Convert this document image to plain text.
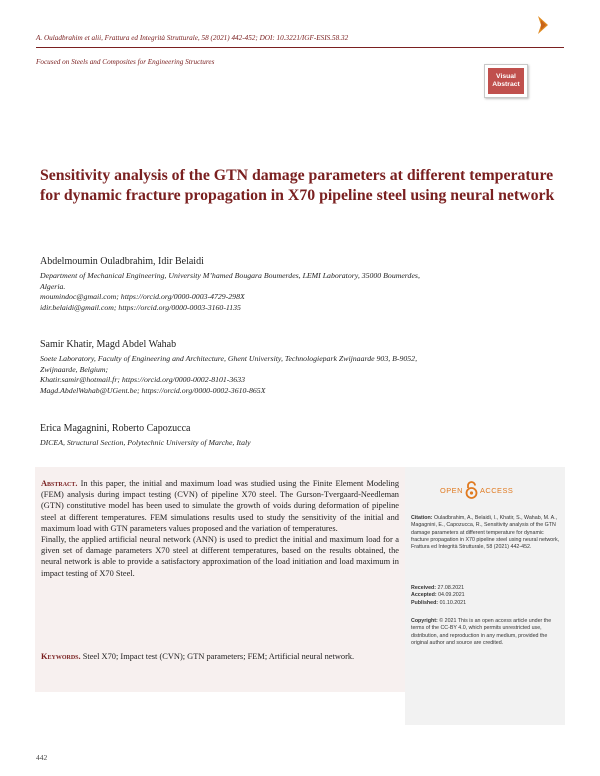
A. Ouladbrahim et alii, Frattura ed Integrità Strutturale, 58 (2021) 442-452; DOI: 10.3221/IGF-ESIS.58.32
Focused on Steels and Composites for Engineering Structures
Visual
Abstract
Sensitivity analysis of the GTN damage parameters at different temperature for dynamic fracture propagation in X70 pipeline steel using neural network
Abdelmoumin Ouladbrahim, Idir Belaidi
Department of Mechanical Engineering, University M’hamed Bougara Boumerdes, LEMI Laboratory, 35000 Boumerdes,
Algeria.
moumindoc@gmail.com; https://orcid.org/0000-0003-4729-298X
idir.belaidi@gmail.com; https://orcid.org/0000-0003-3160-1135
Samir Khatir, Magd Abdel Wahab
Soete Laboratory, Faculty of Engineering and Architecture, Ghent University, Technologiepark Zwijnaarde 903, B-9052,
Zwijnaarde, Belgium;
Khatir.samir@hotmail.fr; https://orcid.org/0000-0002-8101-3633
Magd.AbdelWahab@UGent.be; https://orcid.org/0000-0002-3610-865X
Erica Magagnini, Roberto Capozucca
DICEA, Structural Section, Polytechnic University of Marche, Italy

Abstract. In this paper, the initial and maximum load was studied using the Finite Element Modeling (FEM) analysis during impact testing (CVN) of pipeline X70 steel. The Gurson-Tvergaard-Needleman (GTN) constitutive model has been used to simulate the growth of voids during deformation of pipeline steel at different temperatures. FEM simulations results used to study the sensitivity of the initial and maximum load with GTN parameters values proposed and the variation of temperatures.

Finally, the applied artificial neural network (ANN) is used to predict the initial and maximum load for a given set of damage parameters X70 steel at different temperatures, based on the results obtained, the neural network is able to provide a satisfactory approximation of the load initiation and load maximum in impact testing of X70 Steel.

Keywords. Steel X70; Impact test (CVN); GTN parameters; FEM; Artificial neural network.
OPEN ACCESS
Citation: Ouladbrahim, A., Belaidi, I., Khatir, S., Wahab, M. A., Magagnini, E., Capozucca, R., Sensitivity analysis of the GTN damage parameters at different temperature for dynamic fracture propagation in X70 pipeline steel using neural network, Frattura ed Integrità Strutturale, 58 (2021) 442-452.
Received: 27.08.2021
Accepted: 04.09.2021
Published: 01.10.2021
Copyright: © 2021 This is an open access article under the terms of the CC-BY 4.0, which permits unrestricted use, distribution, and reproduction in any medium, provided the original author and source are credited.
442
